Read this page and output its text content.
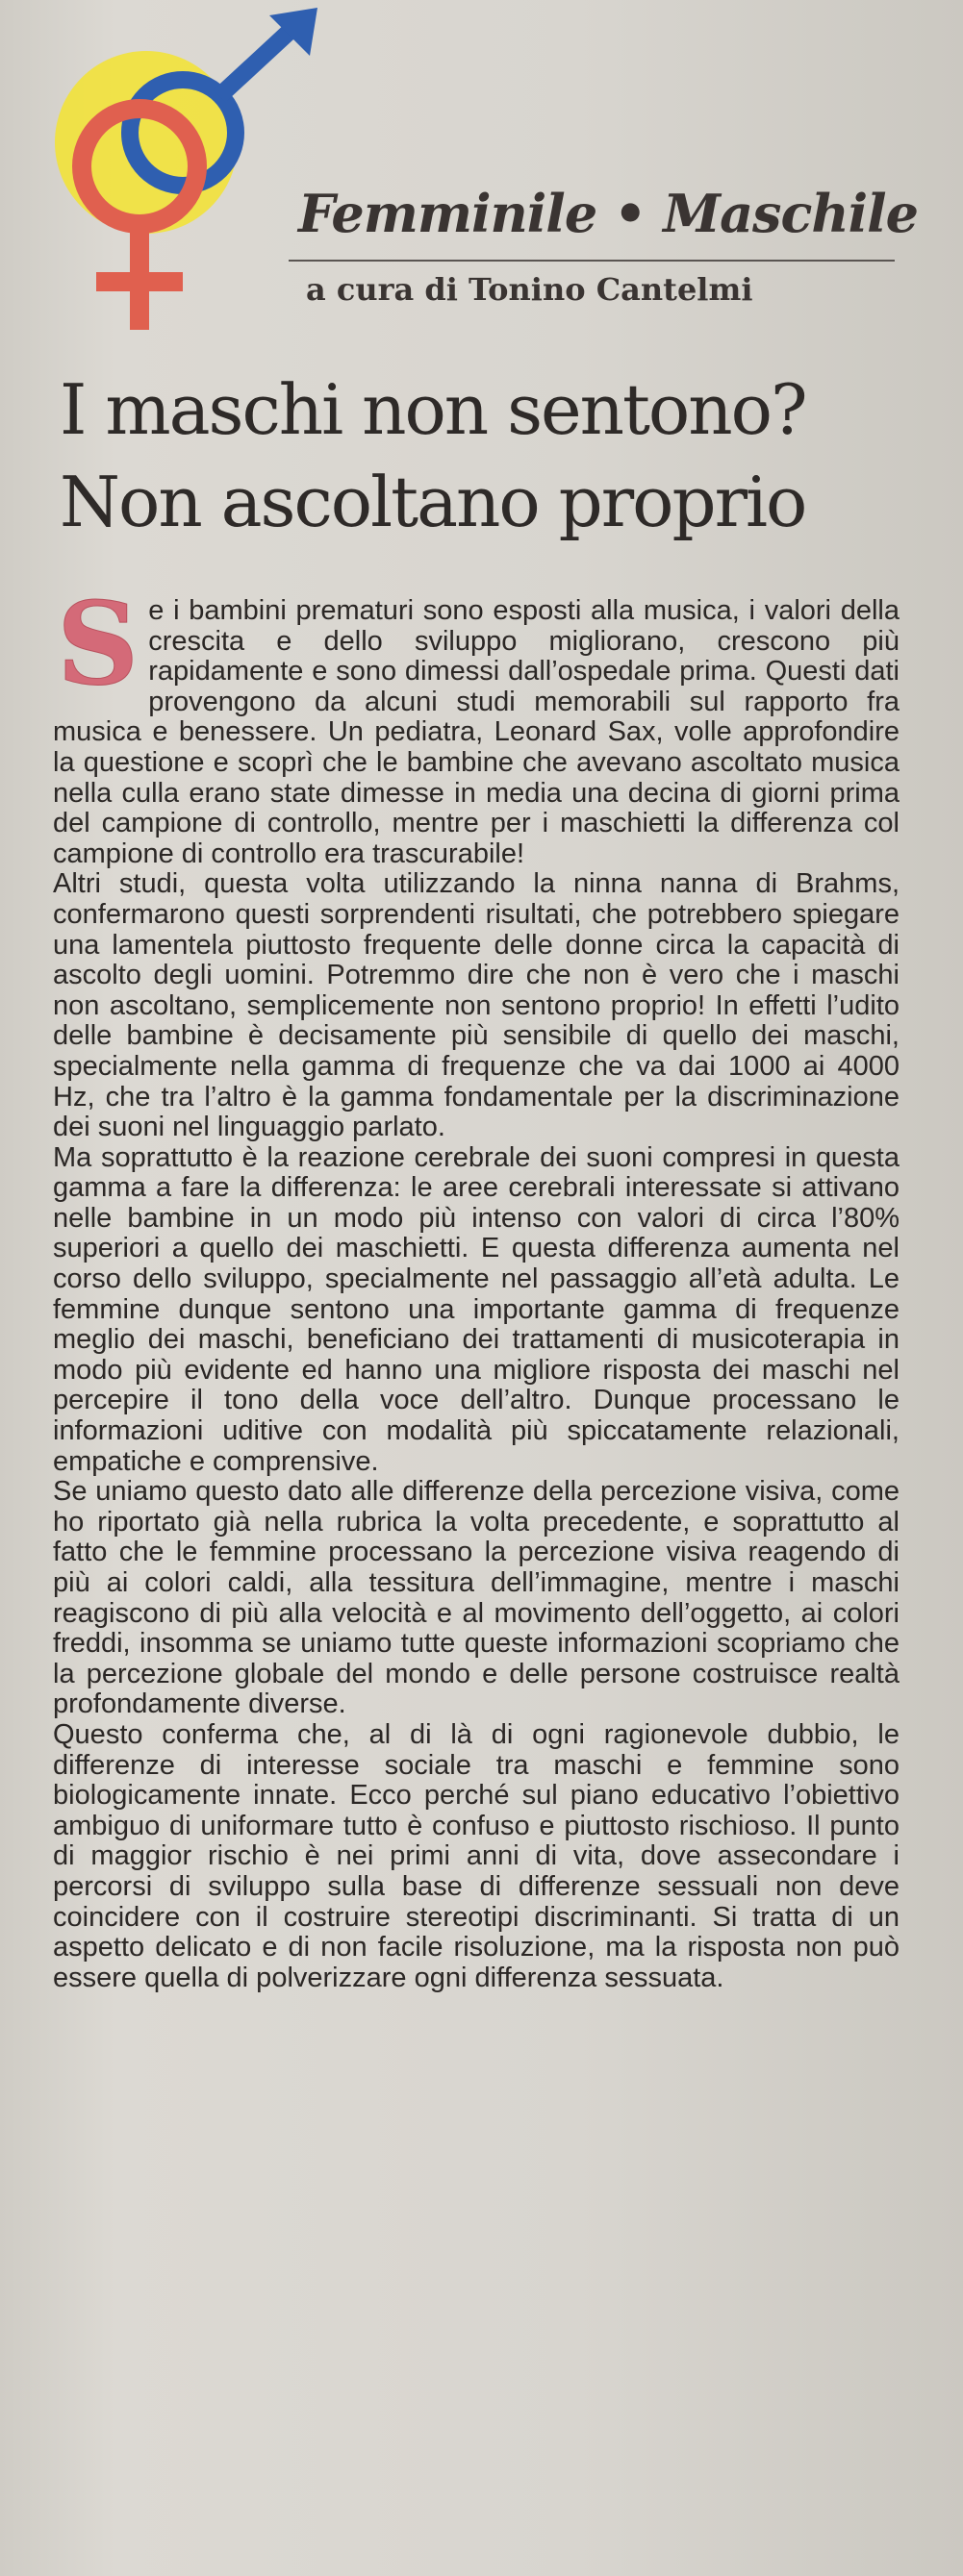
Femminile • Maschile
a cura di Tonino Cantelmi
I maschi non sentono?
Non ascoltano proprio

Se i bambini prematuri sono esposti alla musica, i valori della crescita e dello sviluppo migliorano, crescono più rapidamente e sono dimessi dall’ospedale prima. Questi dati provengono da alcuni studi memorabili sul rapporto fra musica e benessere. Un pediatra, Leonard Sax, volle approfondire la questione e scoprì che le bambine che avevano ascoltato musica nella culla erano state dimesse in media una decina di giorni prima del campione di controllo, mentre per i maschietti la differenza col campione di controllo era trascurabile!

Altri studi, questa volta utilizzando la ninna nanna di Brahms, confermarono questi sorprendenti risultati, che potrebbero spiegare una lamentela piuttosto frequente delle donne circa la capacità di ascolto degli uomini. Potremmo dire che non è vero che i maschi non ascoltano, semplicemente non sentono proprio! In effetti l’udito delle bambine è decisamente più sensibile di quello dei maschi, specialmente nella gamma di frequenze che va dai 1000 ai 4000 Hz, che tra l’altro è la gamma fondamentale per la discriminazione dei suoni nel linguaggio parlato.

Ma soprattutto è la reazione cerebrale dei suoni compresi in questa gamma a fare la differenza: le aree cerebrali interessate si attivano nelle bambine in un modo più intenso con valori di circa l’80% superiori a quello dei maschietti. E questa differenza aumenta nel corso dello sviluppo, specialmente nel passaggio all’età adulta. Le femmine dunque sentono una importante gamma di frequenze meglio dei maschi, beneficiano dei trattamenti di musicoterapia in modo più evidente ed hanno una migliore risposta dei maschi nel percepire il tono della voce dell’altro. Dunque processano le informazioni uditive con modalità più spiccatamente relazionali, empatiche e comprensive.

Se uniamo questo dato alle differenze della percezione visiva, come ho riportato già nella rubrica la volta precedente, e soprattutto al fatto che le femmine processano la percezione visiva reagendo di più ai colori caldi, alla tessitura dell’immagine, mentre i maschi reagiscono di più alla velocità e al movimento dell’oggetto, ai colori freddi, insomma se uniamo tutte queste informazioni scopriamo che la percezione globale del mondo e delle persone costruisce realtà profondamente diverse.

Questo conferma che, al di là di ogni ragionevole dubbio, le differenze di interesse sociale tra maschi e femmine sono biologicamente innate. Ecco perché sul piano educativo l’obiettivo ambiguo di uniformare tutto è confuso e piuttosto rischioso. Il punto di maggior rischio è nei primi anni di vita, dove assecondare i percorsi di sviluppo sulla base di differenze sessuali non deve coincidere con il costruire stereotipi discriminanti. Si tratta di un aspetto delicato e di non facile risoluzione, ma la risposta non può essere quella di polverizzare ogni differenza sessuata.
